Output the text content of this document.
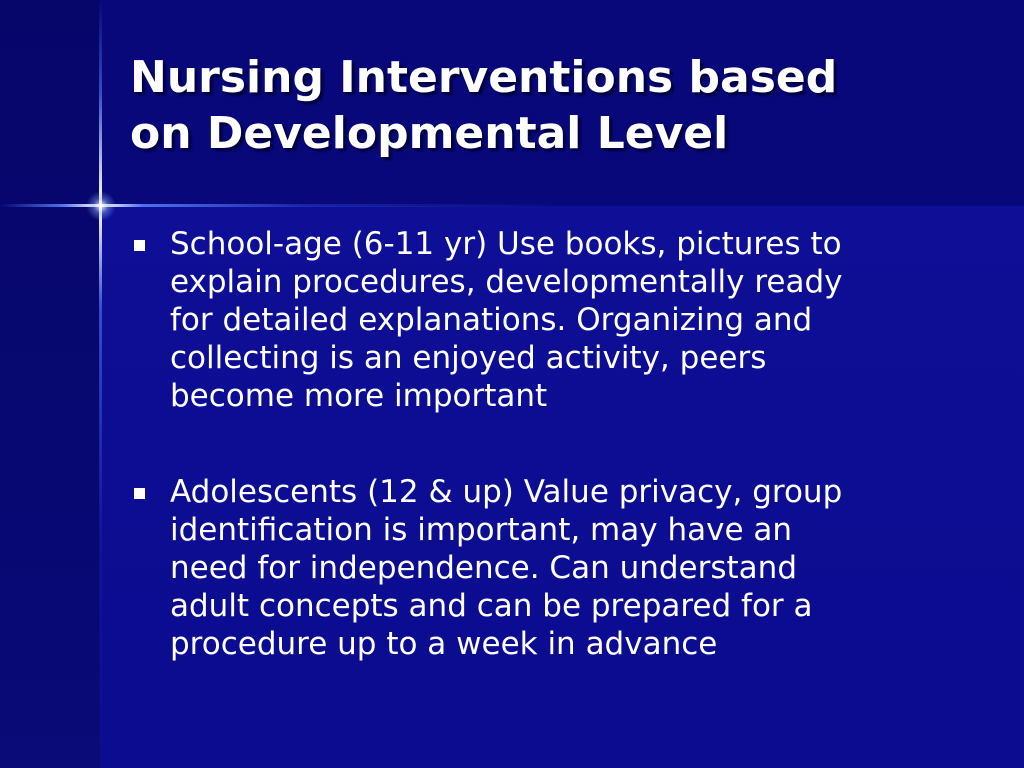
Nursing Interventions based
on Developmental Level
School-age (6-11 yr) Use books, pictures to
explain procedures, developmentally ready
for detailed explanations. Organizing and
collecting is an enjoyed activity, peers
become more important
Adolescents (12 & up) Value privacy, group
identification is important, may have an
need for independence. Can understand
adult concepts and can be prepared for a
procedure up to a week in advance
